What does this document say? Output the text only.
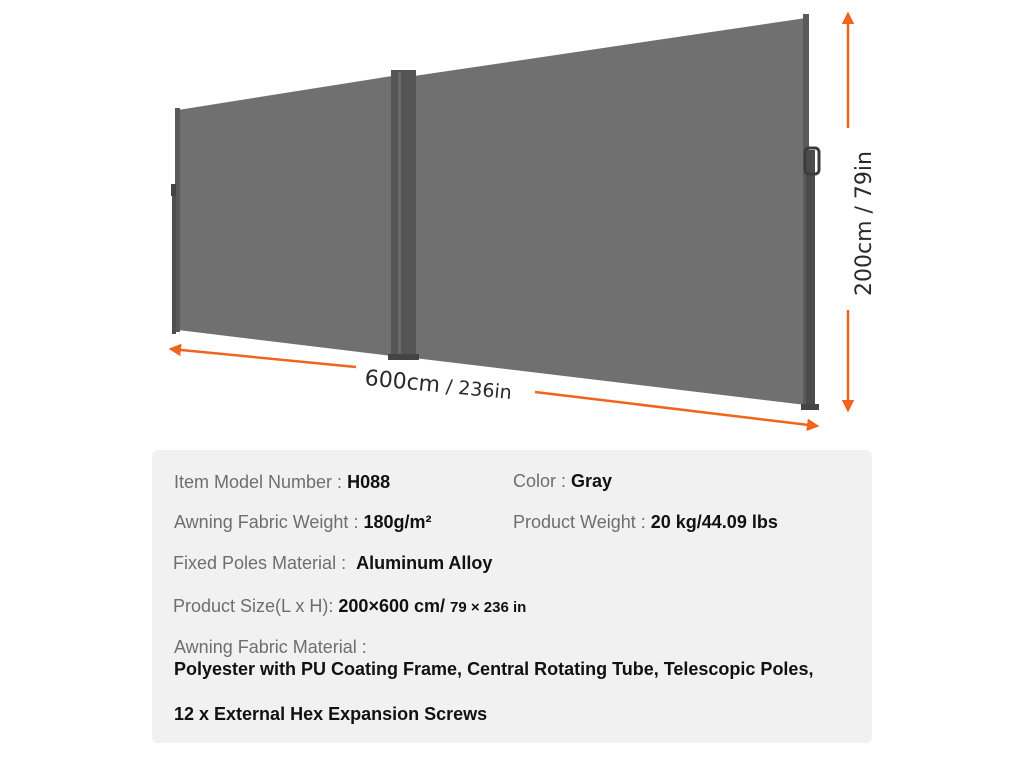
600cm / 236in
200cm / 79in
Item Model Number : H088	Color : Gray
Awning Fabric Weight : 180g/m²	Product Weight : 20 kg/44.09 lbs
Fixed Poles Material : Aluminum Alloy
Product Size(L x H): 200×600 cm/ 79 × 236 in
Awning Fabric Material :
Polyester with PU Coating Frame, Central Rotating Tube, Telescopic Poles,
12 x External Hex Expansion Screws
